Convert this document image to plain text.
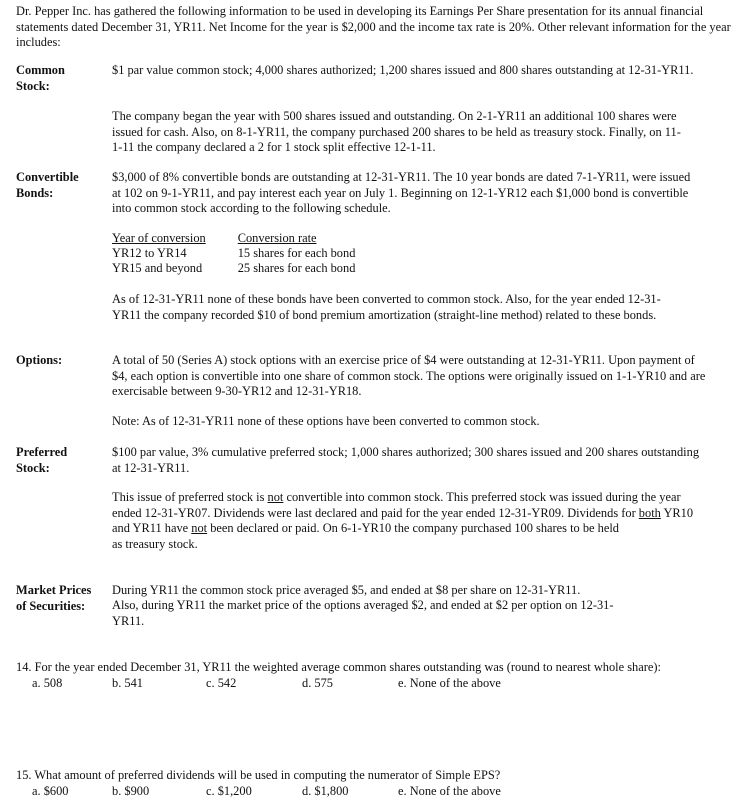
Dr. Pepper Inc. has gathered the following information to be used in developing its Earnings Per Share presentation for its annual financial statements dated December 31, YR11. Net Income for the year is $2,000 and the income tax rate is 20%. Other relevant information for the year includes:
Common
Stock:
$1 par value common stock; 4,000 shares authorized; 1,200 shares issued and 800 shares outstanding at 12-31-YR11.
The company began the year with 500 shares issued and outstanding. On 2-1-YR11 an additional 100 shares were issued for cash. Also, on 8-1-YR11, the company purchased 200 shares to be held as treasury stock. Finally, on 11-1-11 the company declared a 2 for 1 stock split effective 12-1-11.
Convertible
Bonds:
$3,000 of 8% convertible bonds are outstanding at 12-31-YR11. The 10 year bonds are dated 7-1-YR11, were issued at 102 on 9-1-YR11, and pay interest each year on July 1. Beginning on 12-1-YR12 each $1,000 bond is convertible into common stock according to the following schedule.
Year of conversion	Conversion rate
YR12 to YR14	15 shares for each bond
YR15 and beyond	25 shares for each bond
As of 12-31-YR11 none of these bonds have been converted to common stock. Also, for the year ended 12-31-YR11 the company recorded $10 of bond premium amortization (straight-line method) related to these bonds.
Options:	A total of 50 (Series A) stock options with an exercise price of $4 were outstanding at 12-31-YR11. Upon payment of $4, each option is convertible into one share of common stock. The options were originally issued on 1-1-YR10 and are exercisable between 9-30-YR12 and 12-31-YR18.
Note: As of 12-31-YR11 none of these options have been converted to common stock.
Preferred
Stock:
$100 par value, 3% cumulative preferred stock; 1,000 shares authorized; 300 shares issued and 200 shares outstanding at 12-31-YR11.
This issue of preferred stock is not convertible into common stock. This preferred stock was issued during the year ended 12-31-YR07. Dividends were last declared and paid for the year ended 12-31-YR09. Dividends for both YR10 and YR11 have not been declared or paid. On 6-1-YR10 the company purchased 100 shares to be held
as treasury stock.
Market Prices
of Securities:
During YR11 the common stock price averaged $5, and ended at $8 per share on 12-31-YR11.
Also, during YR11 the market price of the options averaged $2, and ended at $2 per option on 12-31-YR11.
14. For the year ended December 31, YR11 the weighted average common shares outstanding was (round to nearest whole share):
a. 508	b. 541	c. 542	d. 575	e. None of the above
15. What amount of preferred dividends will be used in computing the numerator of Simple EPS?
a. $600	b. $900	c. $1,200	d. $1,800	e. None of the above
